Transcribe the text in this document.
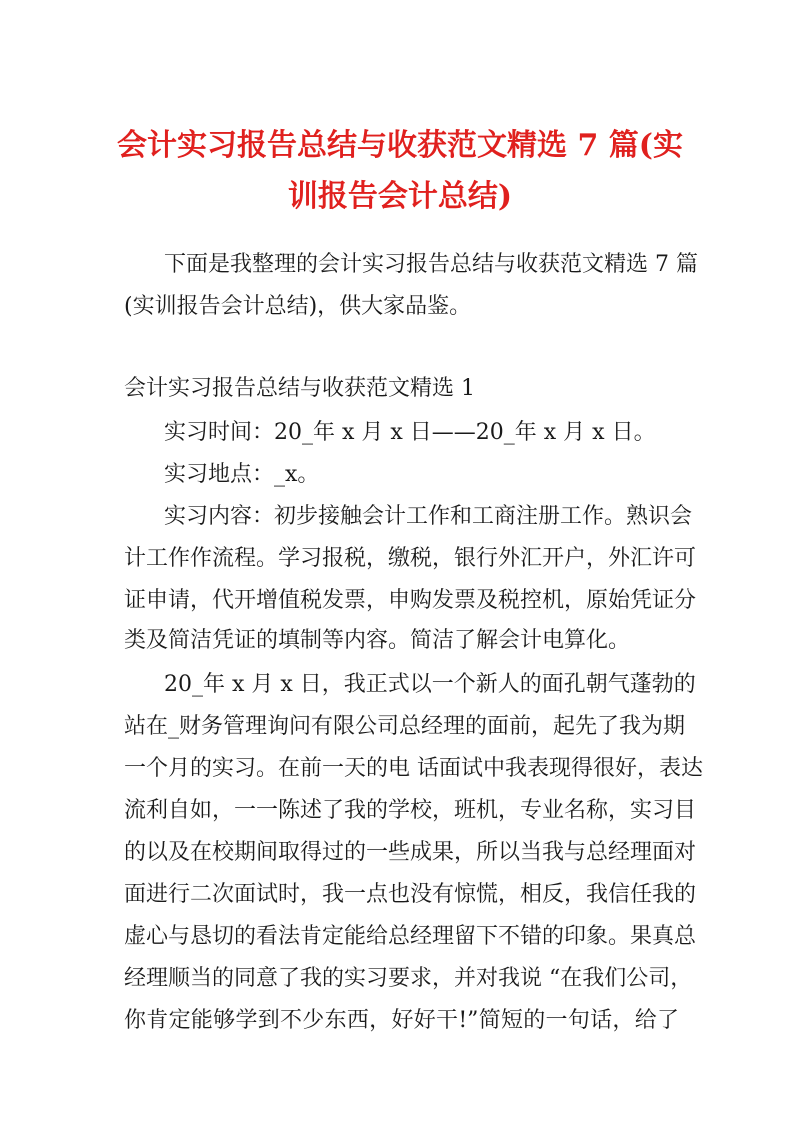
会计实习报告总结与收获范文精选 7 篇(实
训报告会计总结)
下面是我整理的会计实习报告总结与收获范文精选 7 篇
(实训报告会计总结)，供大家品鉴。
会计实习报告总结与收获范文精选 1
实习时间：20_年 x 月 x 日——20_年 x 月 x 日。
实习地点：_x。
实习内容：初步接触会计工作和工商注册工作。熟识会
计工作作流程。学习报税，缴税，银行外汇开户，外汇许可
证申请，代开增值税发票，申购发票及税控机，原始凭证分
类及简洁凭证的填制等内容。简洁了解会计电算化。
20_年 x 月 x 日，我正式以一个新人的面孔朝气蓬勃的
站在_财务管理询问有限公司总经理的面前，起先了我为期
一个月的实习。在前一天的电 话面试中我表现得很好，表达
流利自如，一一陈述了我的学校，班机，专业名称，实习目
的以及在校期间取得过的一些成果，所以当我与总经理面对
面进行二次面试时，我一点也没有惊慌，相反，我信任我的
虚心与恳切的看法肯定能给总经理留下不错的印象。果真总
经理顺当的同意了我的实习要求，并对我说 “在我们公司，
你肯定能够学到不少东西，好好干!”简短的一句话，给了
